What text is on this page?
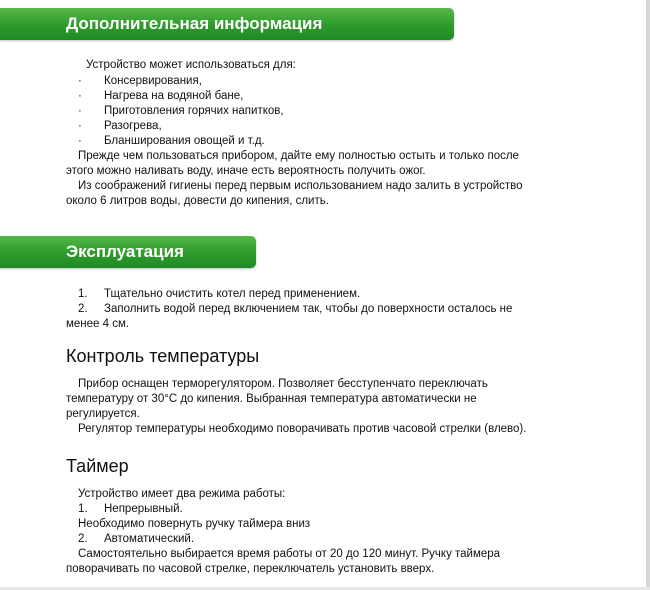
Дополнительная информация
Устройство может использоваться для:
· Консервирования,
· Нагрева на водяной бане,
· Приготовления горячих напитков,
· Разогрева,
· Бланширования овощей и т.д.
Прежде чем пользоваться прибором, дайте ему полностью остыть и только после
этого можно наливать воду, иначе есть вероятность получить ожог.
Из соображений гигиены перед первым использованием надо залить в устройство
около 6 литров воды, довести до кипения, слить.
Эксплуатация
1. Тщательно очистить котел перед применением.
2. Заполнить водой перед включением так, чтобы до поверхности осталось не
менее 4 см.
Контроль температуры
Прибор оснащен терморегулятором. Позволяет бесступенчато переключать
температуру от 30°С до кипения. Выбранная температура автоматически не
регулируется.
Регулятор температуры необходимо поворачивать против часовой стрелки (влево).
Таймер
Устройство имеет два режима работы:
1. Непрерывный.
Необходимо повернуть ручку таймера вниз
2. Автоматический.
Самостоятельно выбирается время работы от 20 до 120 минут. Ручку таймера
поворачивать по часовой стрелке, переключатель установить вверх.
